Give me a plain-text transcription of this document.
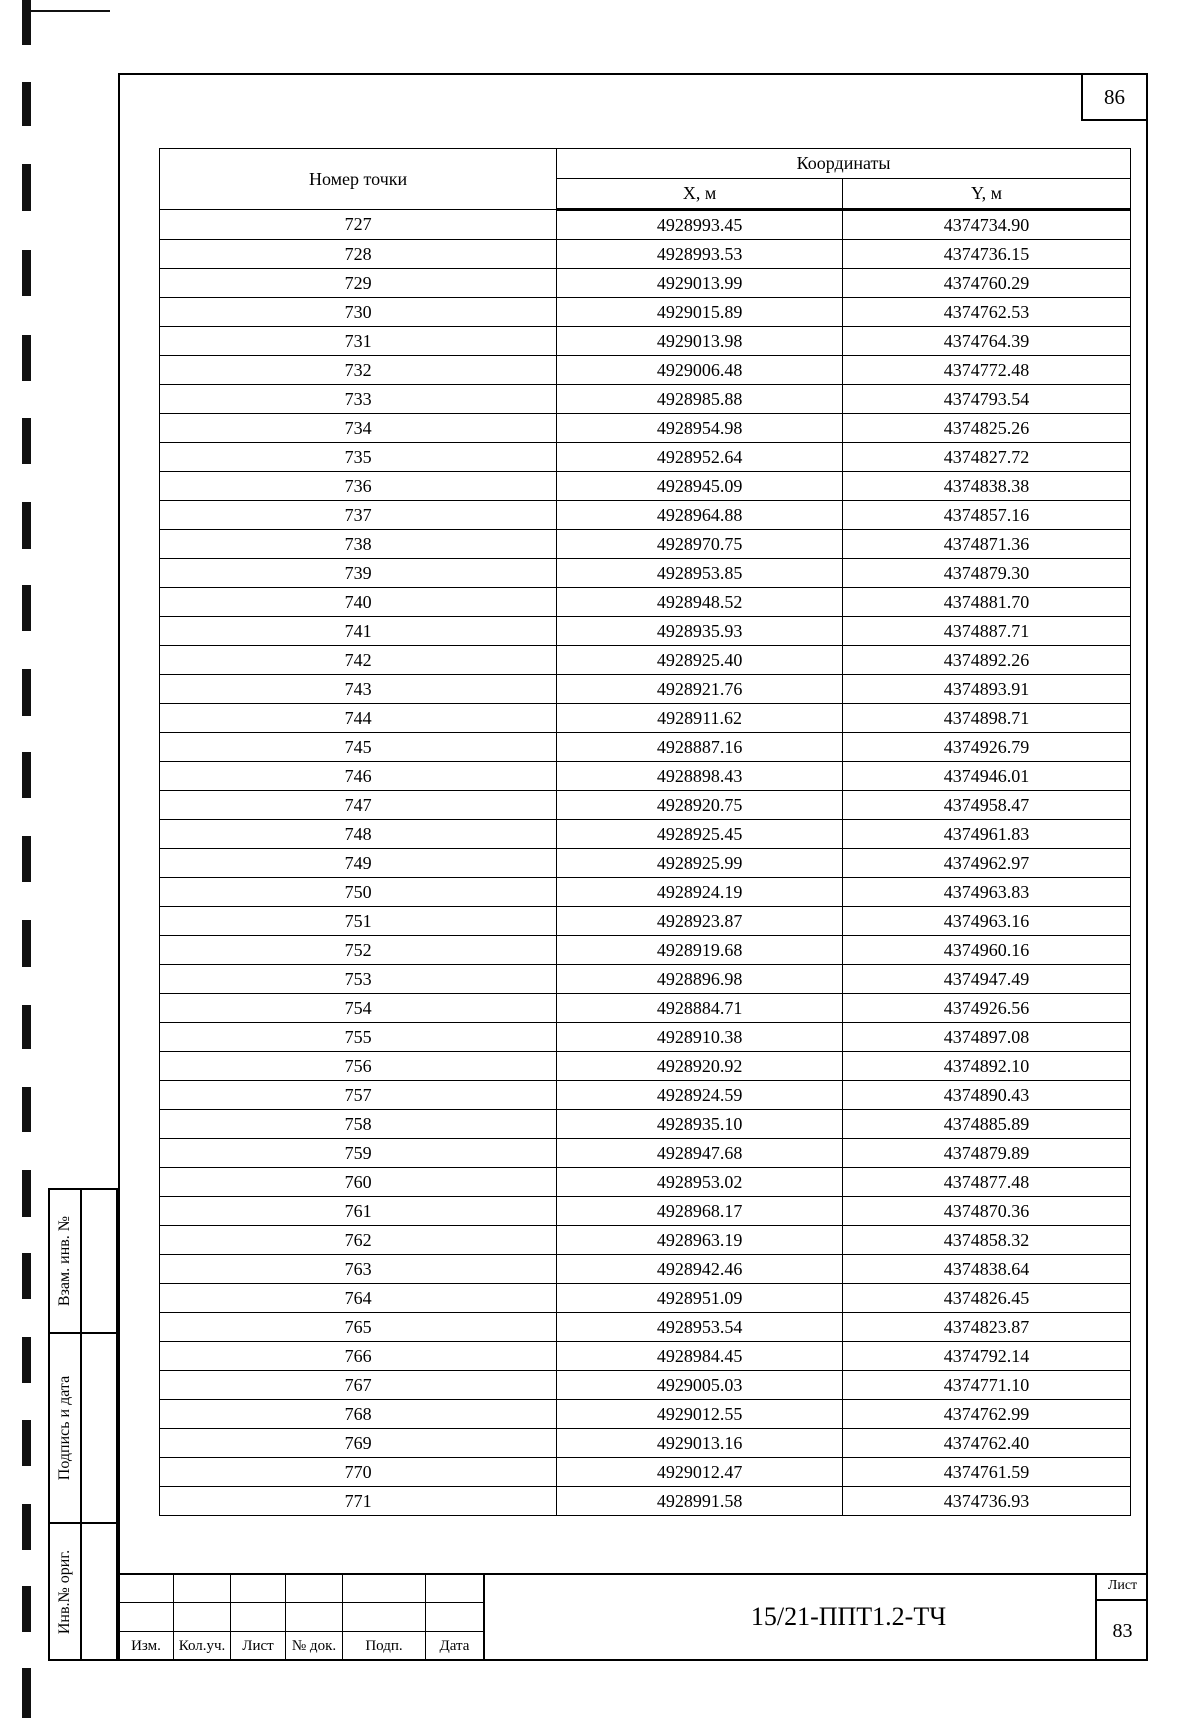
86
Номер точки	Координаты	
	X, м	Y, м
727	4928993.45	4374734.90
728	4928993.53	4374736.15
729	4929013.99	4374760.29
730	4929015.89	4374762.53
731	4929013.98	4374764.39
732	4929006.48	4374772.48
733	4928985.88	4374793.54
734	4928954.98	4374825.26
735	4928952.64	4374827.72
736	4928945.09	4374838.38
737	4928964.88	4374857.16
738	4928970.75	4374871.36
739	4928953.85	4374879.30
740	4928948.52	4374881.70
741	4928935.93	4374887.71
742	4928925.40	4374892.26
743	4928921.76	4374893.91
744	4928911.62	4374898.71
745	4928887.16	4374926.79
746	4928898.43	4374946.01
747	4928920.75	4374958.47
748	4928925.45	4374961.83
749	4928925.99	4374962.97
750	4928924.19	4374963.83
751	4928923.87	4374963.16
752	4928919.68	4374960.16
753	4928896.98	4374947.49
754	4928884.71	4374926.56
755	4928910.38	4374897.08
756	4928920.92	4374892.10
757	4928924.59	4374890.43
758	4928935.10	4374885.89
759	4928947.68	4374879.89
760	4928953.02	4374877.48
761	4928968.17	4374870.36
762	4928963.19	4374858.32
763	4928942.46	4374838.64
764	4928951.09	4374826.45
765	4928953.54	4374823.87
766	4928984.45	4374792.14
767	4929005.03	4374771.10
768	4929012.55	4374762.99
769	4929013.16	4374762.40
770	4929012.47	4374761.59
771	4928991.58	4374736.93
Взам. инв. №
Подпись и дата
Инв.№ ориг.

Изм.	Кол.уч.	Лист	№ док.	Подп.	Дата
15/21-ППТ1.2-ТЧ
Лист
83
